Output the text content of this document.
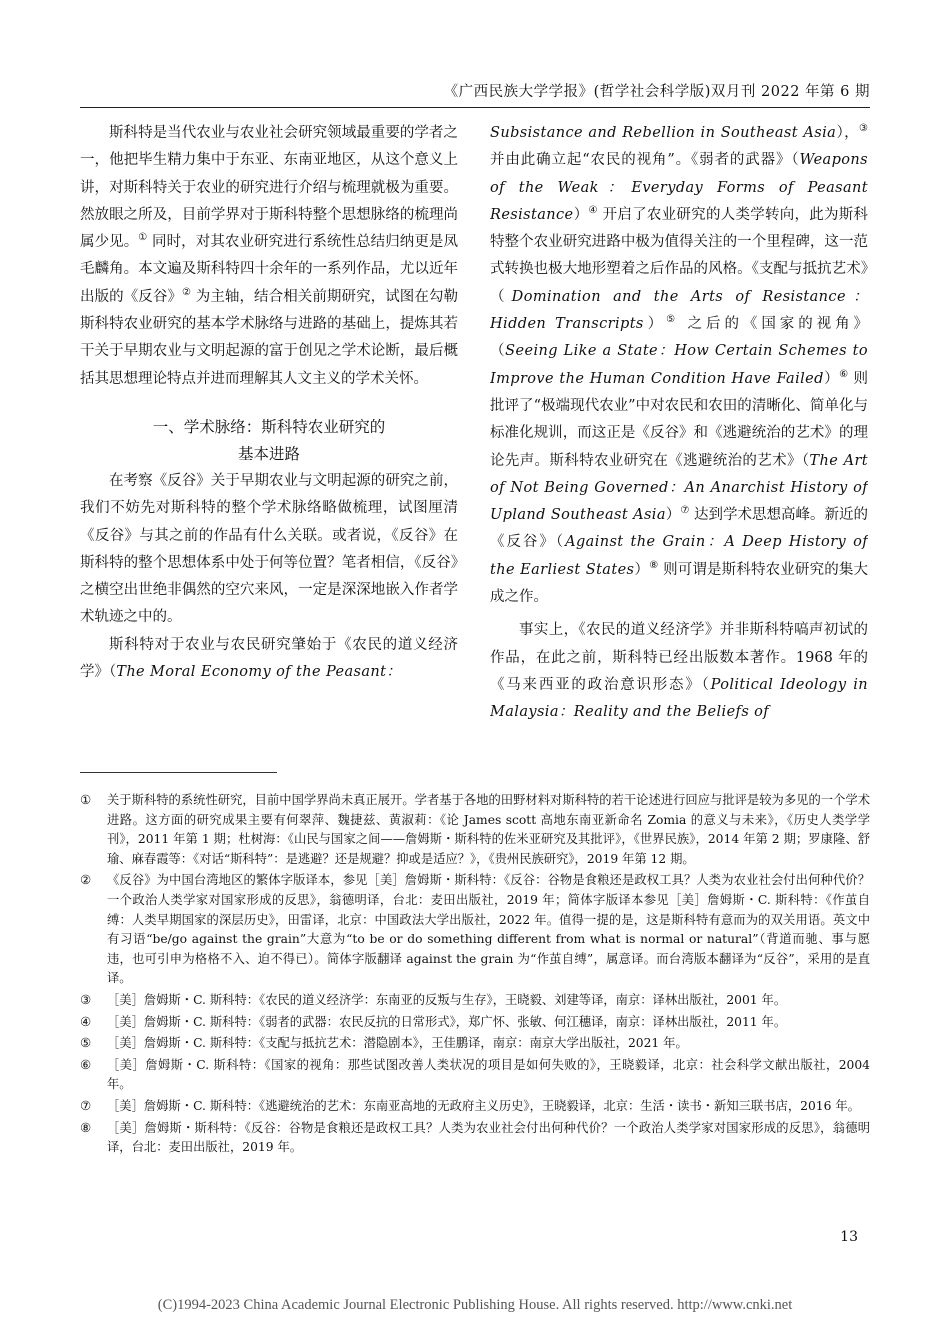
《广西民族大学学报》(哲学社会科学版)双月刊 2022 年第 6 期

斯科特是当代农业与农业社会研究领域最重要的学者之一，他把毕生精力集中于东亚、东南亚地区，从这个意义上讲，对斯科特关于农业的研究进行介绍与梳理就极为重要。然放眼之所及，目前学界对于斯科特整个思想脉络的梳理尚属少见。① 同时，对其农业研究进行系统性总结归纳更是凤毛麟角。本文遍及斯科特四十余年的一系列作品，尤以近年出版的《反谷》② 为主轴，结合相关前期研究，试图在勾勒斯科特农业研究的基本学术脉络与进路的基础上，提炼其若干关于早期农业与文明起源的富于创见之学术论断，最后概括其思想理论特点并进而理解其人文主义的学术关怀。

一、学术脉络：斯科特农业研究的
基本进路

在考察《反谷》关于早期农业与文明起源的研究之前，我们不妨先对斯科特的整个学术脉络略做梳理，试图厘清《反谷》与其之前的作品有什么关联。或者说，《反谷》在斯科特的整个思想体系中处于何等位置？笔者相信，《反谷》之横空出世绝非偶然的空穴来风，一定是深深地嵌入作者学术轨迹之中的。

斯科特对于农业与农民研究肇始于《农民的道义经济学》（The Moral Economy of the Peasant：

Subsistance and Rebellion in Southeast Asia），③ 并由此确立起“农民的视角”。《弱者的武器》（Weapons of the Weak：Everyday Forms of Peasant Resistance）④ 开启了农业研究的人类学转向，此为斯科特整个农业研究进路中极为值得关注的一个里程碑，这一范式转换也极大地形塑着之后作品的风格。《支配与抵抗艺术》（Domination and the Arts of Resistance：Hidden Transcripts）⑤ 之后的《国家的视角》（Seeing Like a State：How Certain Schemes to Improve the Human Condition Have Failed）⑥ 则批评了“极端现代农业”中对农民和农田的清晰化、简单化与标准化规训，而这正是《反谷》和《逃避统治的艺术》的理论先声。斯科特农业研究在《逃避统治的艺术》（The Art of Not Being Governed：An Anarchist History of Upland Southeast Asia）⑦ 达到学术思想高峰。新近的《反谷》（Against the Grain：A Deep History of the Earliest States）⑧ 则可谓是斯科特农业研究的集大成之作。

事实上，《农民的道义经济学》并非斯科特嗃声初试的作品，在此之前，斯科特已经出版数本著作。1968 年的《马来西亚的政治意识形态》（Political Ideology in Malaysia：Reality and the Beliefs of

①	关于斯科特的系统性研究，目前中国学界尚未真正展开。学者基于各地的田野材料对斯科特的若干论述进行回应与批评是较为多见的一个学术进路。这方面的研究成果主要有何翠萍、魏捷兹、黄淑莉：《论 James scott 高地东南亚新命名 Zomia 的意义与未来》，《历史人类学学刊》，2011 年第 1 期；杜树海：《山民与国家之间——詹姆斯・斯科特的佐米亚研究及其批评》，《世界民族》，2014 年第 2 期；罗康隆、舒瑜、麻春霞等：《对话“斯科特”：是逃避？还是规避？抑或是适应？》，《贵州民族研究》，2019 年第 12 期。
②	《反谷》为中国台湾地区的繁体字版译本，参见［美］詹姆斯・斯科特：《反谷：谷物是食粮还是政权工具？人类为农业社会付出何种代价？一个政治人类学家对国家形成的反思》，翁德明译，台北：麦田出版社，2019 年；简体字版译本参见［美］詹姆斯・C. 斯科特：《作茧自缚：人类早期国家的深层历史》，田雷译，北京：中国政法大学出版社，2022 年。值得一提的是，这是斯科特有意而为的双关用语。英文中有习语“be/go against the grain”大意为“to be or do something different from what is normal or natural”（背道而驰、事与愿违，也可引申为格格不入、迫不得已）。简体字版翻译 against the grain 为“作茧自缚”，属意译。而台湾版本翻译为“反谷”，采用的是直译。
③	［美］詹姆斯・C. 斯科特：《农民的道义经济学：东南亚的反叛与生存》，王晓毅、刘建等译，南京：译林出版社，2001 年。
④	［美］詹姆斯・C. 斯科特：《弱者的武器：农民反抗的日常形式》，郑广怀、张敏、何江穗译，南京：译林出版社，2011 年。
⑤	［美］詹姆斯・C. 斯科特：《支配与抵抗艺术：潜隐剧本》，王佳鹏译，南京：南京大学出版社，2021 年。
⑥	［美］詹姆斯・C. 斯科特：《国家的视角：那些试图改善人类状况的项目是如何失败的》，王晓毅译，北京：社会科学文献出版社，2004 年。
⑦	［美］詹姆斯・C. 斯科特：《逃避统治的艺术：东南亚高地的无政府主义历史》，王晓毅译，北京：生活・读书・新知三联书店，2016 年。
⑧	［美］詹姆斯・斯科特：《反谷：谷物是食粮还是政权工具？人类为农业社会付出何种代价？一个政治人类学家对国家形成的反思》，翁德明译，台北：麦田出版社，2019 年。
13
(C)1994-2023 China Academic Journal Electronic Publishing House. All rights reserved. http://www.cnki.net
